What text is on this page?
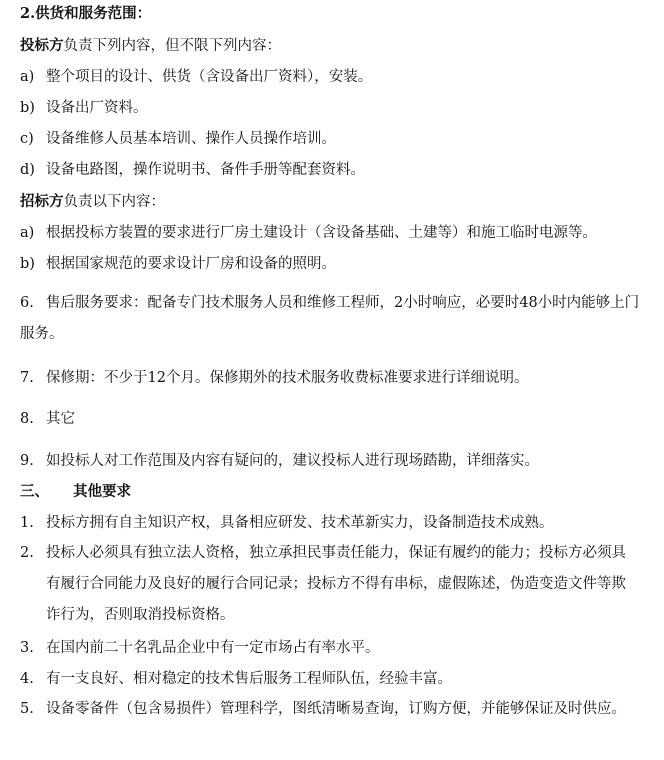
2.供货和服务范围：
投标方负责下列内容，但不限下列内容：
a) 整个项目的设计、供货（含设备出厂资料），安装。
b) 设备出厂资料。
c) 设备维修人员基本培训、操作人员操作培训。
d) 设备电路图，操作说明书、备件手册等配套资料。
招标方负责以下内容：
a) 根据投标方装置的要求进行厂房土建设计（含设备基础、土建等）和施工临时电源等。
b) 根据国家规范的要求设计厂房和设备的照明。
6. 售后服务要求：配备专门技术服务人员和维修工程师，2小时响应，必要时48小时内能够上门服务。
7. 保修期：不少于12个月。保修期外的技术服务收费标准要求进行详细说明。
8. 其它
9. 如投标人对工作范围及内容有疑问的，建议投标人进行现场踏勘，详细落实。
三、 其他要求
1. 投标方拥有自主知识产权，具备相应研发、技术革新实力，设备制造技术成熟。
2. 投标人必须具有独立法人资格，独立承担民事责任能力，保证有履约的能力；投标方必须具有履行合同能力及良好的履行合同记录；投标方不得有串标，虚假陈述，伪造变造文件等欺诈行为，否则取消投标资格。
3. 在国内前二十名乳品企业中有一定市场占有率水平。
4. 有一支良好、相对稳定的技术售后服务工程师队伍，经验丰富。
5. 设备零备件（包含易损件）管理科学，图纸清晰易查询，订购方便，并能够保证及时供应。
